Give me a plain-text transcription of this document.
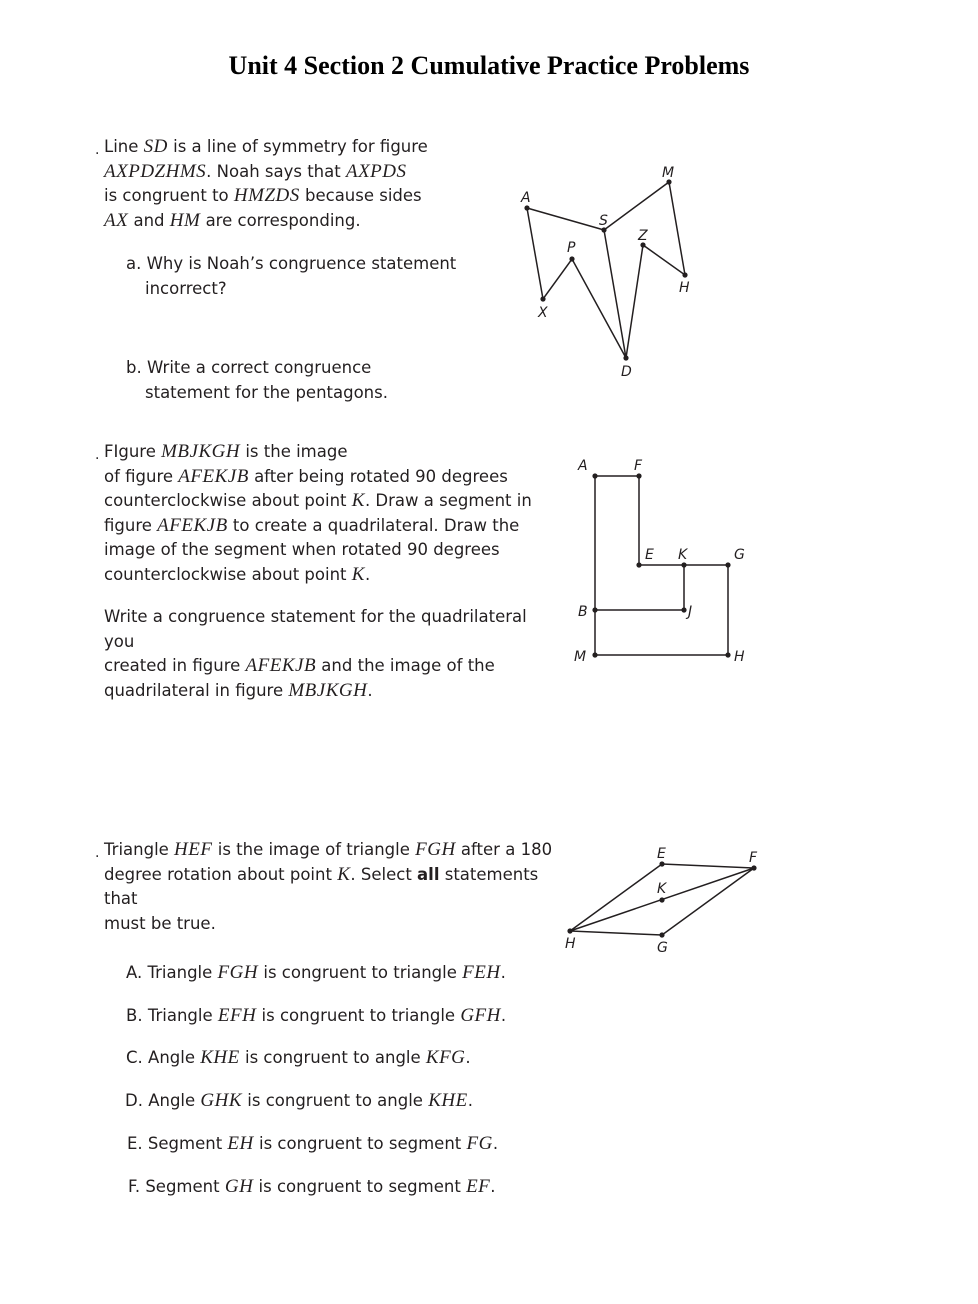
Unit 4 Section 2 Cumulative Practice Problems
. Line SD is a line of symmetry for figure
AXPDZHMS. Noah says that AXPDS
is congruent to HMZDS because sides
AX and HM are corresponding.
a. Why is Noah’s congruence statement
incorrect?
b. Write a correct congruence
statement for the pentagons.
A
X
P
D
S
Z
M
H
. FIgure MBJKGH is the image
of figure AFEKJB after being rotated 90 degrees
counterclockwise about point K. Draw a segment in
figure AFEKJB to create a quadrilateral. Draw the
image of the segment when rotated 90 degrees
counterclockwise about point K.
Write a congruence statement for the quadrilateral you
created in figure AFEKJB and the image of the
quadrilateral in figure MBJKGH.
A	F
E K	G
B	J
M	H
. Triangle HEF is the image of triangle FGH after a 180
degree rotation about point K. Select all statements that
must be true.
A. Triangle FGH is congruent to triangle FEH.
B. Triangle EFH is congruent to triangle GFH.
C. Angle KHE is congruent to angle KFG.
D. Angle GHK is congruent to angle KHE.
E. Segment EH is congruent to segment FG.
F. Segment GH is congruent to segment EF.
E	F
K
H	G
